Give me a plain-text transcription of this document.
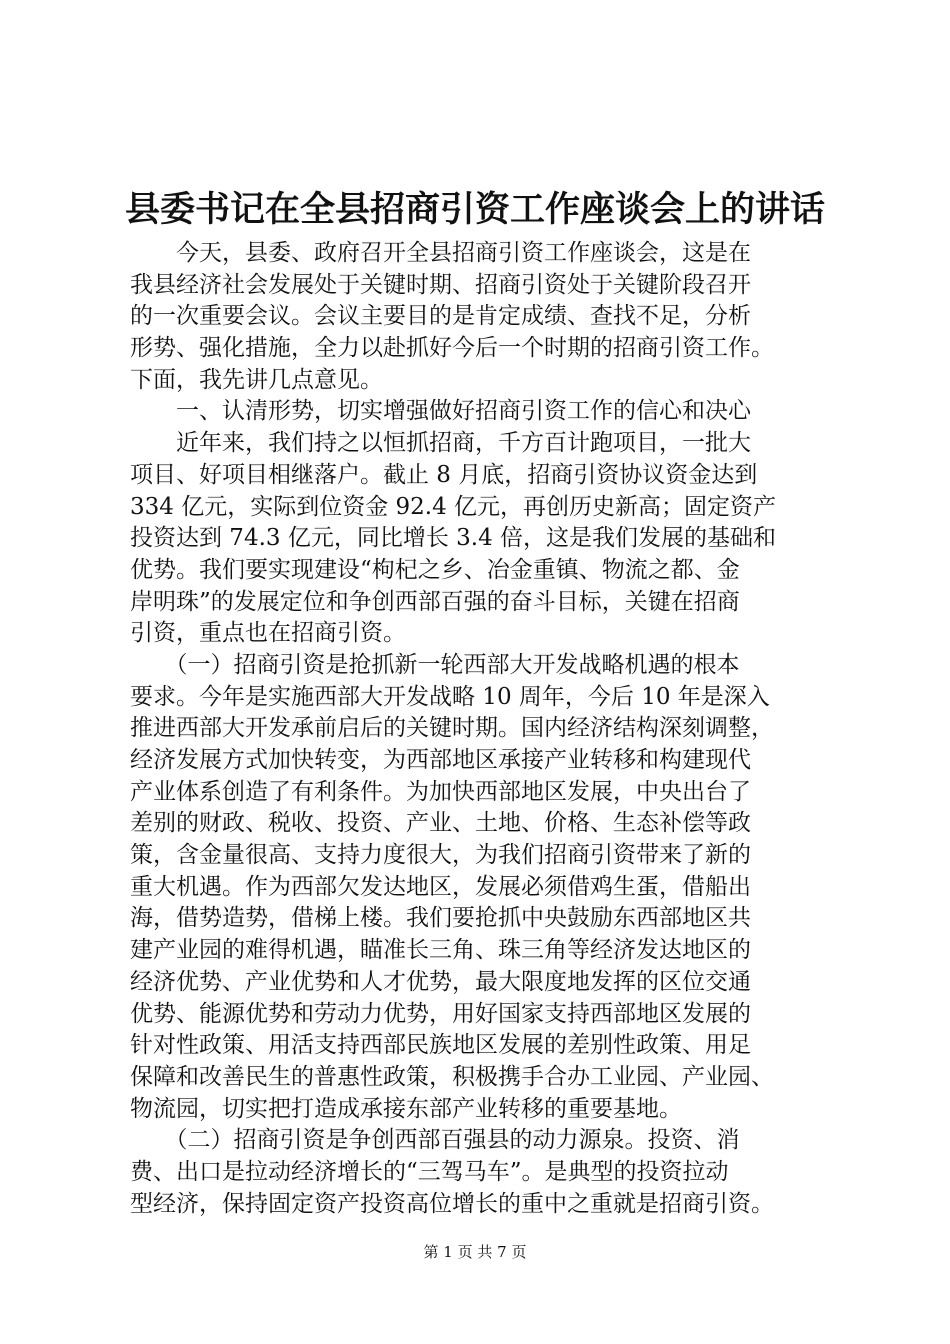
县委书记在全县招商引资工作座谈会上的讲话
　　今天，县委、政府召开全县招商引资工作座谈会，这是在
我县经济社会发展处于关键时期、招商引资处于关键阶段召开
的一次重要会议。会议主要目的是肯定成绩、查找不足，分析
形势、强化措施，全力以赴抓好今后一个时期的招商引资工作。
下面，我先讲几点意见。
　　一、认清形势，切实增强做好招商引资工作的信心和决心
　　近年来，我们持之以恒抓招商，千方百计跑项目，一批大
项目、好项目相继落户。截止 8 月底，招商引资协议资金达到
334 亿元，实际到位资金 92.4 亿元，再创历史新高；固定资产
投资达到 74.3 亿元，同比增长 3.4 倍，这是我们发展的基础和
优势。我们要实现建设“枸杞之乡、冶金重镇、物流之都、金
岸明珠”的发展定位和争创西部百强的奋斗目标，关键在招商
引资，重点也在招商引资。
　　（一）招商引资是抢抓新一轮西部大开发战略机遇的根本
要求。今年是实施西部大开发战略 10 周年，今后 10 年是深入
推进西部大开发承前启后的关键时期。国内经济结构深刻调整，
经济发展方式加快转变，为西部地区承接产业转移和构建现代
产业体系创造了有利条件。为加快西部地区发展，中央出台了
差别的财政、税收、投资、产业、土地、价格、生态补偿等政
策，含金量很高、支持力度很大，为我们招商引资带来了新的
重大机遇。作为西部欠发达地区，发展必须借鸡生蛋，借船出
海，借势造势，借梯上楼。我们要抢抓中央鼓励东西部地区共
建产业园的难得机遇，瞄准长三角、珠三角等经济发达地区的
经济优势、产业优势和人才优势，最大限度地发挥的区位交通
优势、能源优势和劳动力优势，用好国家支持西部地区发展的
针对性政策、用活支持西部民族地区发展的差别性政策、用足
保障和改善民生的普惠性政策，积极携手合办工业园、产业园、
物流园，切实把打造成承接东部产业转移的重要基地。
　　（二）招商引资是争创西部百强县的动力源泉。投资、消
费、出口是拉动经济增长的“三驾马车”。是典型的投资拉动
型经济，保持固定资产投资高位增长的重中之重就是招商引资。
第 1 页 共 7 页
